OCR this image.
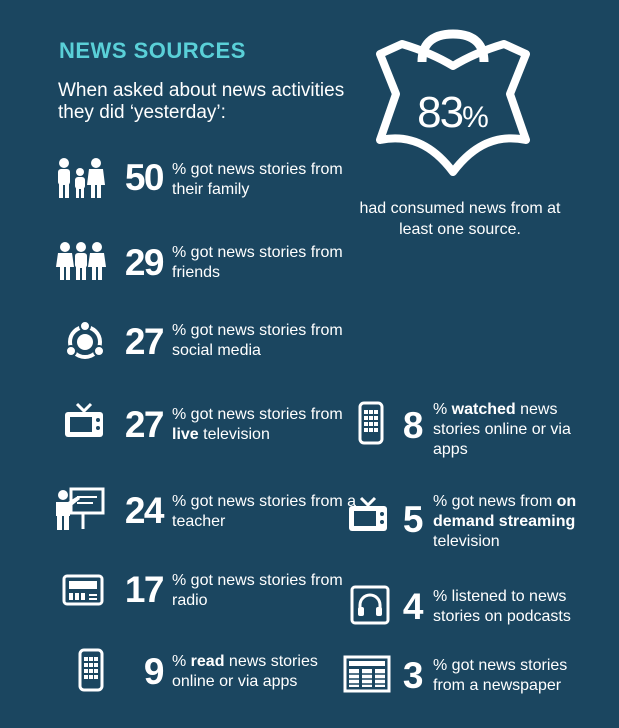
NEWS SOURCES
When asked about news activities they did ‘yesterday’:	83%
had consumed news from at least one source.
50 % got news stories from their family
29 % got news stories from friends
27 % got news stories from social media
27 % got news stories from live television
24 % got news stories from a teacher
17 % got news stories from radio
9 % read news stories online or via apps
8 % watched news stories online or via apps
5 % got news from on demand streaming television
4 % listened to news stories on podcasts
3 % got news stories from a newspaper
